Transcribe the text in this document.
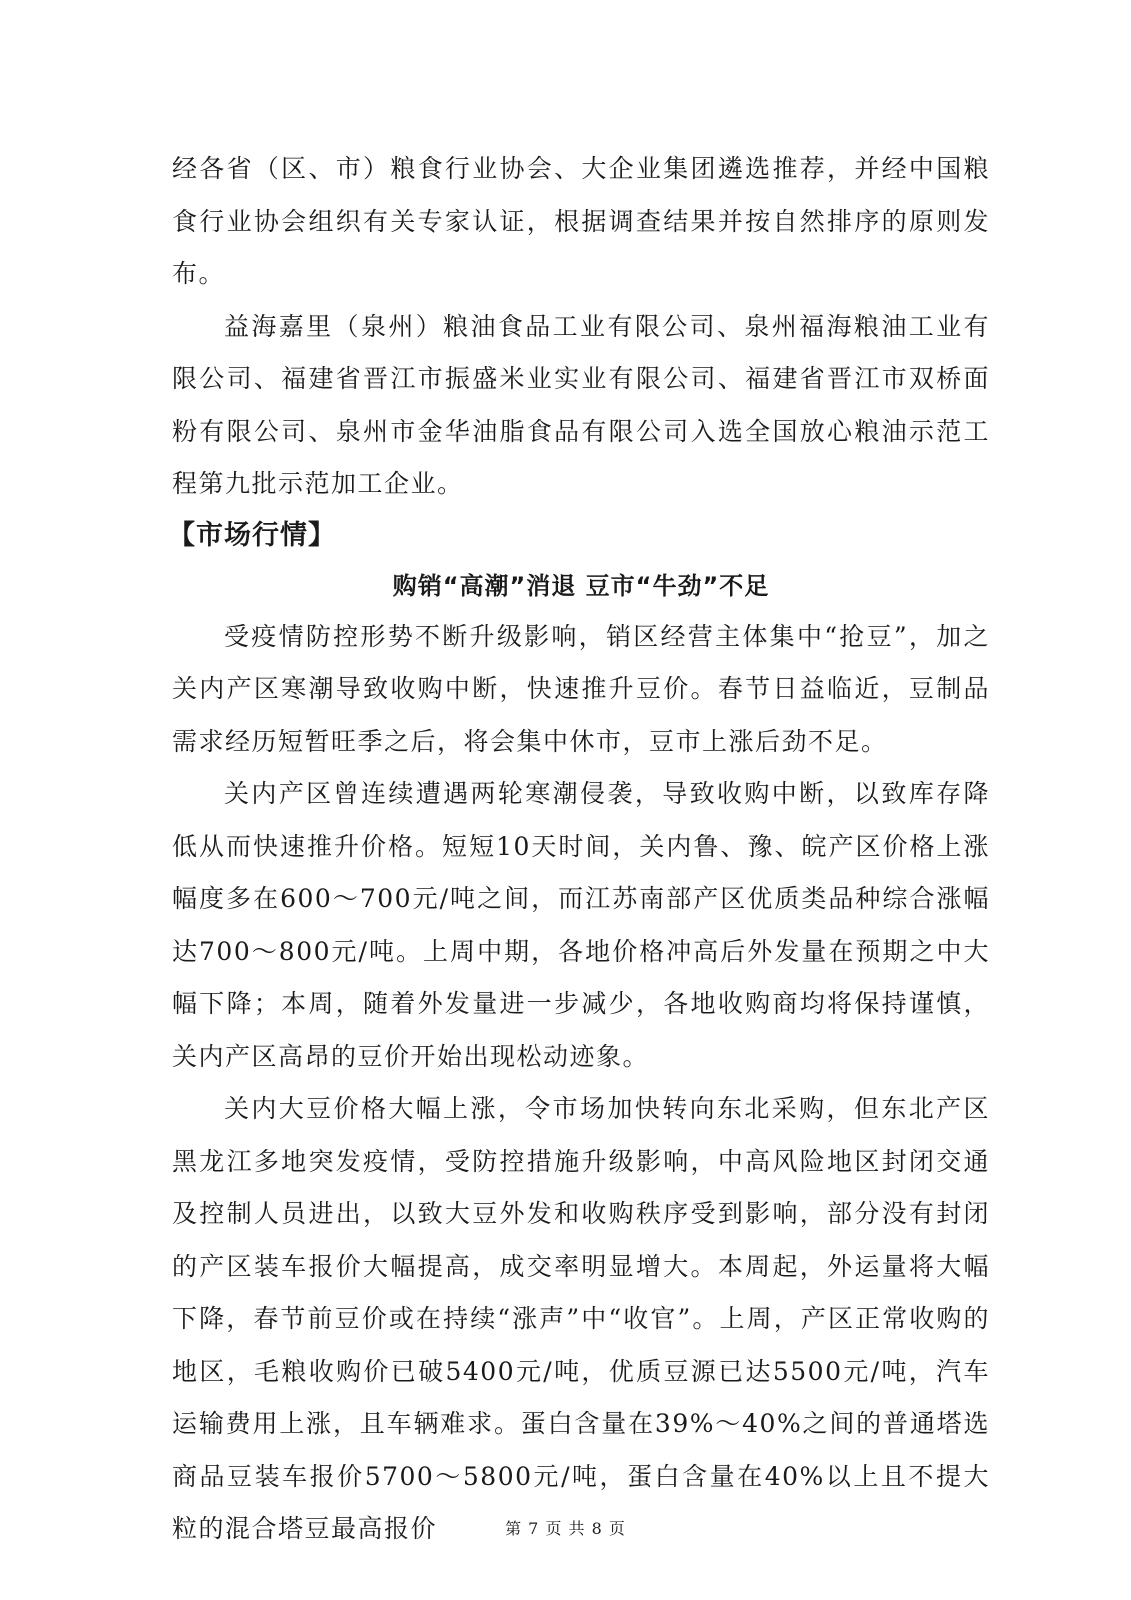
经各省（区、市）粮食行业协会、大企业集团遴选推荐，并经中国粮食行业协会组织有关专家认证，根据调查结果并按自然排序的原则发布。

益海嘉里（泉州）粮油食品工业有限公司、泉州福海粮油工业有限公司、福建省晋江市振盛米业实业有限公司、福建省晋江市双桥面粉有限公司、泉州市金华油脂食品有限公司入选全国放心粮油示范工程第九批示范加工企业。

【市场行情】
购销“高潮”消退 豆市“牛劲”不足

受疫情防控形势不断升级影响，销区经营主体集中“抢豆”，加之关内产区寒潮导致收购中断，快速推升豆价。春节日益临近，豆制品需求经历短暂旺季之后，将会集中休市，豆市上涨后劲不足。

关内产区曾连续遭遇两轮寒潮侵袭，导致收购中断，以致库存降低从而快速推升价格。短短10天时间，关内鲁、豫、皖产区价格上涨幅度多在600～700元/吨之间，而江苏南部产区优质类品种综合涨幅达700～800元/吨。上周中期，各地价格冲高后外发量在预期之中大幅下降；本周，随着外发量进一步减少，各地收购商均将保持谨慎，关内产区高昂的豆价开始出现松动迹象。

关内大豆价格大幅上涨，令市场加快转向东北采购，但东北产区黑龙江多地突发疫情，受防控措施升级影响，中高风险地区封闭交通及控制人员进出，以致大豆外发和收购秩序受到影响，部分没有封闭的产区装车报价大幅提高，成交率明显增大。本周起，外运量将大幅下降，春节前豆价或在持续“涨声”中“收官”。上周，产区正常收购的地区，毛粮收购价已破5400元/吨，优质豆源已达5500元/吨，汽车运输费用上涨，且车辆难求。蛋白含量在39%～40%之间的普通塔选商品豆装车报价5700～5800元/吨，蛋白含量在40%以上且不提大粒的混合塔豆最高报价	第 7 页 共 8 页
